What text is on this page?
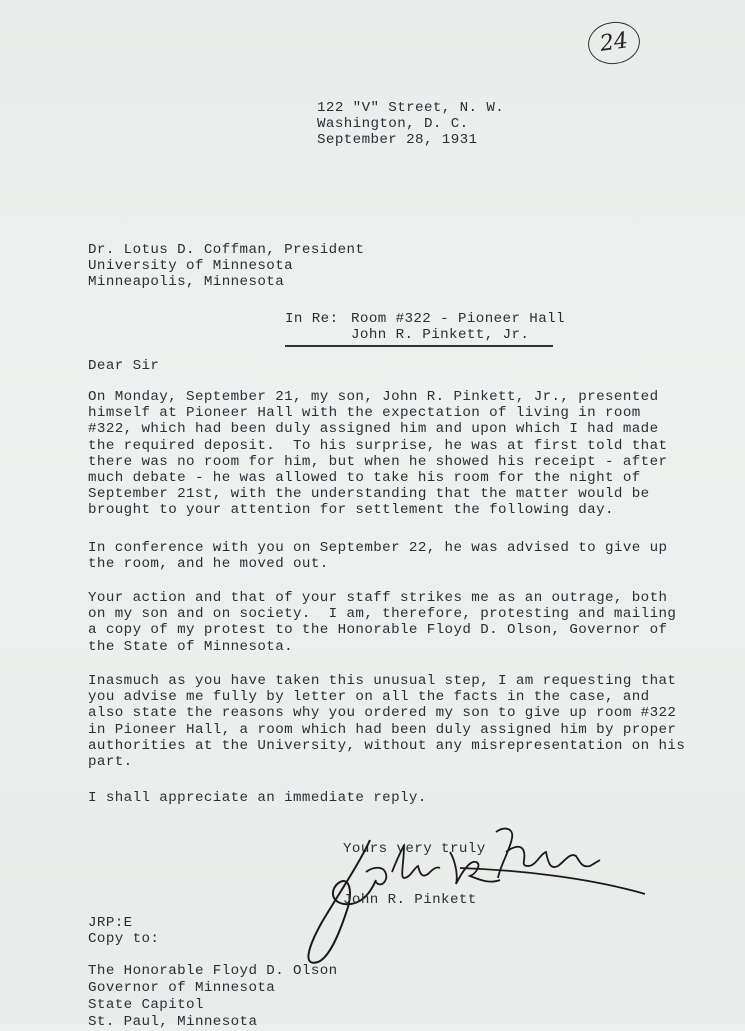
24
122 "V" Street, N. W.
Washington, D. C.
September 28, 1931
Dr. Lotus D. Coffman, President
University of Minnesota
Minneapolis, Minnesota
In Re: Room #322 - Pioneer Hall
John R. Pinkett, Jr.
Dear Sir
On Monday, September 21, my son, John R. Pinkett, Jr., presented
himself at Pioneer Hall with the expectation of living in room
#322, which had been duly assigned him and upon which I had made
the required deposit.  To his surprise, he was at first told that
there was no room for him, but when he showed his receipt - after
much debate - he was allowed to take his room for the night of
September 21st, with the understanding that the matter would be
brought to your attention for settlement the following day.
In conference with you on September 22, he was advised to give up
the room, and he moved out.
Your action and that of your staff strikes me as an outrage, both
on my son and on society.  I am, therefore, protesting and mailing
a copy of my protest to the Honorable Floyd D. Olson, Governor of
the State of Minnesota.
Inasmuch as you have taken this unusual step, I am requesting that
you advise me fully by letter on all the facts in the case, and
also state the reasons why you ordered my son to give up room #322
in Pioneer Hall, a room which had been duly assigned him by proper
authorities at the University, without any misrepresentation on his
part.
I shall appreciate an immediate reply.
Yours very truly
John R. Pinkett
JRP:E
Copy to:
The Honorable Floyd D. Olson
Governor of Minnesota
State Capitol
St. Paul, Minnesota
